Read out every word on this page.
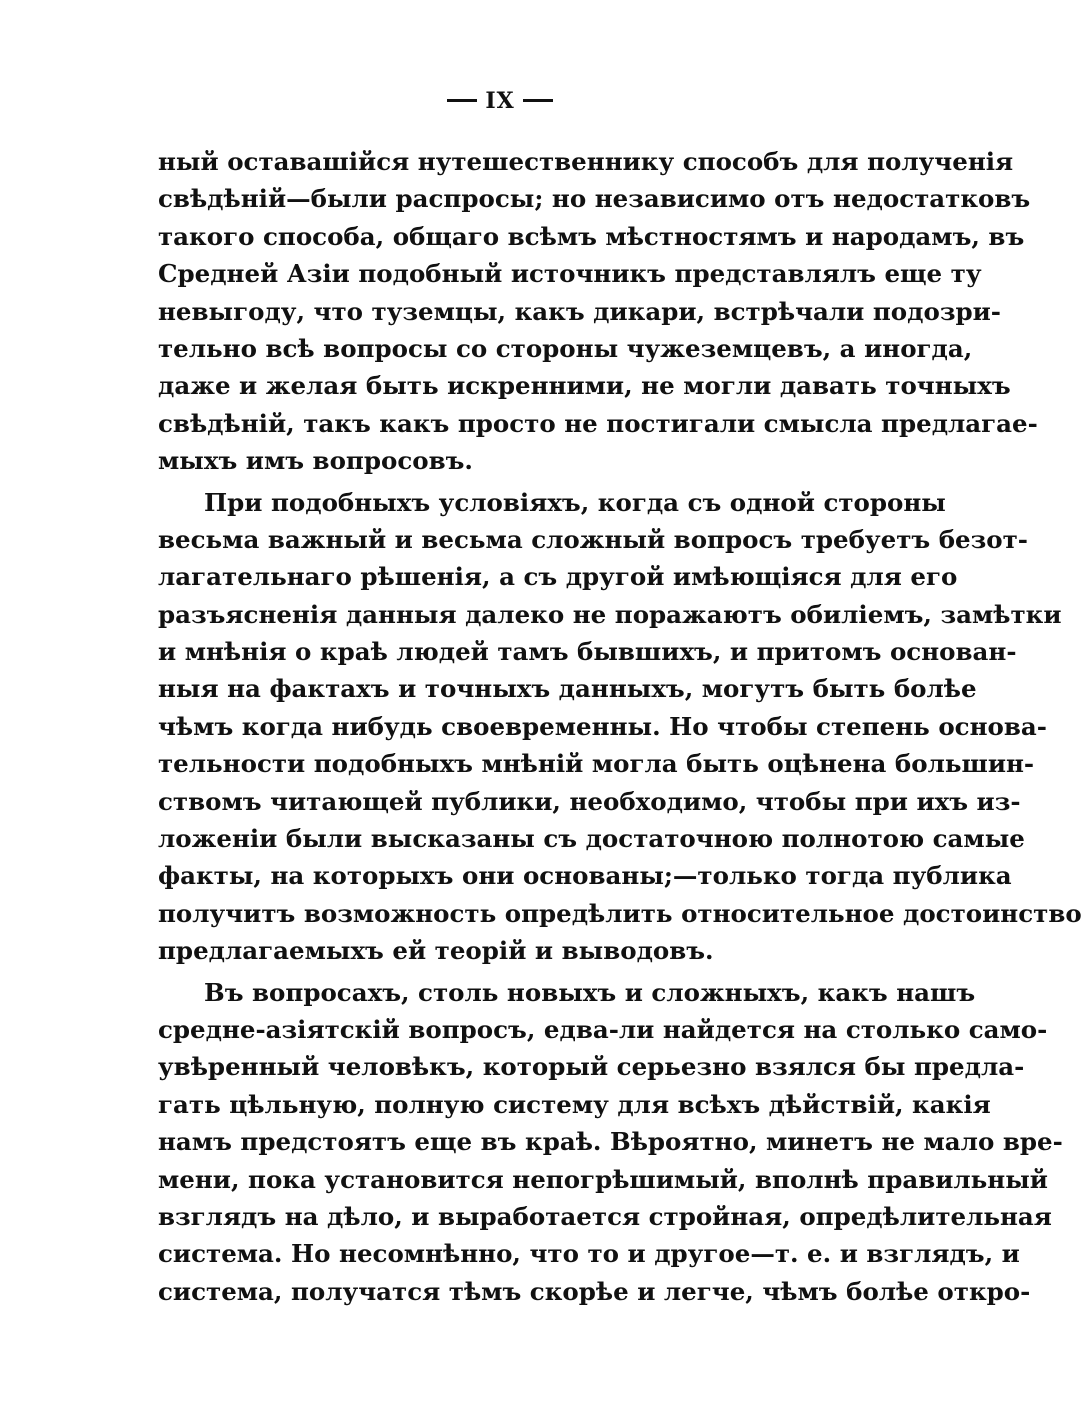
IX
ный оставашійся нутешественнику способъ для полученія
свѣдѣній—были распросы; но независимо отъ недостатковъ
такого способа, общаго всѣмъ мѣстностямъ и народамъ, въ
Средней Азіи подобный источникъ представлялъ еще ту
невыгоду, что туземцы, какъ дикари, встрѣчали подозри-
тельно всѣ вопросы со стороны чужеземцевъ, а иногда,
даже и желая быть искренними, не могли давать точныхъ
свѣдѣній, такъ какъ просто не постигали смысла предлагае-
мыхъ имъ вопросовъ.
При подобныхъ условіяхъ, когда съ одной стороны
весьма важный и весьма сложный вопросъ требуетъ безот-
лагательнаго рѣшенія, а съ другой имѣющіяся для его
разъясненія данныя далеко не поражаютъ обиліемъ, замѣтки
и мнѣнія о краѣ людей тамъ бывшихъ, и притомъ основан-
ныя на фактахъ и точныхъ данныхъ, могутъ быть болѣе
чѣмъ когда нибудь своевременны. Но чтобы степень основа-
тельности подобныхъ мнѣній могла быть оцѣнена большин-
ствомъ читающей публики, необходимо, чтобы при ихъ из-
ложеніи были высказаны съ достаточною полнотою самые
факты, на которыхъ они основаны;—только тогда публика
получитъ возможность опредѣлить относительное достоинство
предлагаемыхъ ей теорій и выводовъ.
Въ вопросахъ, столь новыхъ и сложныхъ, какъ нашъ
средне-азіятскій вопросъ, едва-ли найдется на столько само-
увѣренный человѣкъ, который серьезно взялся бы предла-
гать цѣльную, полную систему для всѣхъ дѣйствій, какія
намъ предстоятъ еще въ краѣ. Вѣроятно, минетъ не мало вре-
мени, пока установится непогрѣшимый, вполнѣ правильный
взглядъ на дѣло, и выработается стройная, опредѣлительная
система. Но несомнѣнно, что то и другое—т. е. и взглядъ, и
система, получатся тѣмъ скорѣе и легче, чѣмъ болѣе откро-
